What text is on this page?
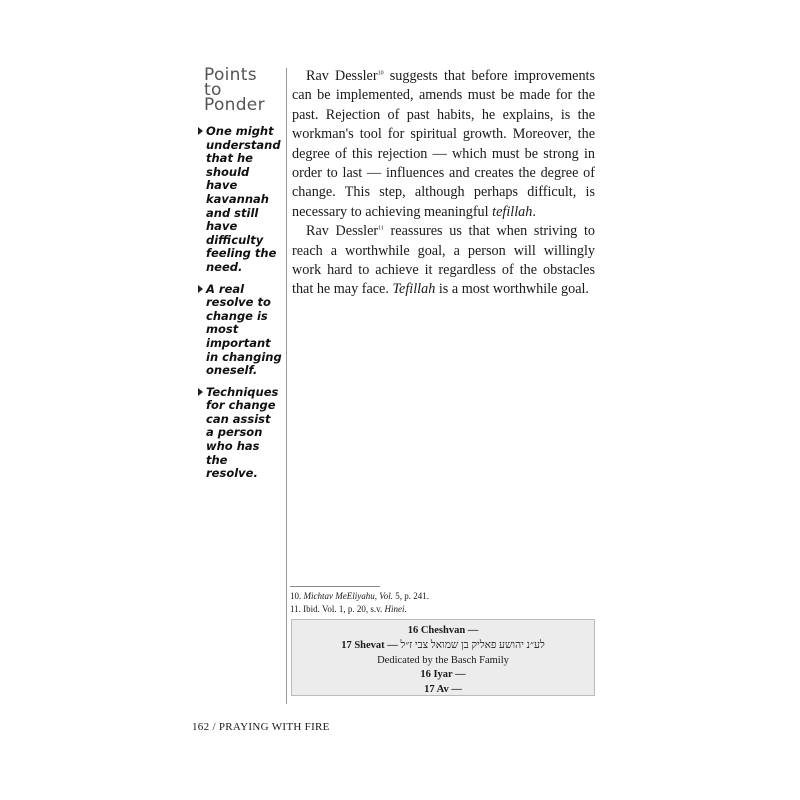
Points
to
Ponder
One might understand that he should have kavannah and still have difficulty feeling the need.
A real resolve to change is most important in changing oneself.
Techniques for change can assist a person who has the resolve.

Rav Dessler$^{10}$ suggests that before improvements can be implemented, amends must be made for the past. Rejection of past habits, he explains, is the workman's tool for spiritual growth. Moreover, the degree of this rejection — which must be strong in order to last — influences and creates the degree of change. This step, although perhaps difficult, is necessary to achieving meaningful tefillah.

Rav Dessler$^{11}$ reassures us that when striving to reach a worthwhile goal, a person will willingly work hard to achieve it regardless of the obstacles that he may face. Tefillah is a most worthwhile goal.

10. Michtav MeEliyahu, Vol. 5, p. 241.

11. Ibid. Vol. 1, p. 20, s.v. Hinei.

16 Cheshvan —
17 Shevat — לע״נ יהושע פאליק בן שמואל צבי ז״ל
Dedicated by the Basch Family
16 Iyar —
17 Av —
162 / PRAYING WITH FIRE
